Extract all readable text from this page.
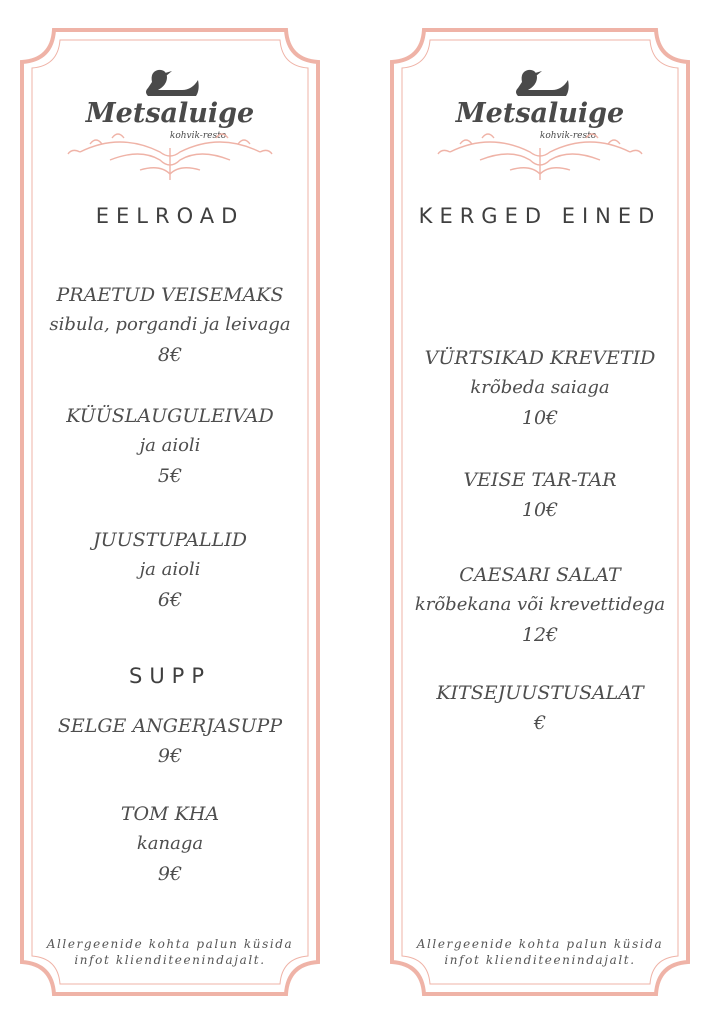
Metsaluige
kohvik-resto
EELROAD
PRAETUD VEISEMAKS
sibula, porgandi ja leivaga
8€
KÜÜSLAUGULEIVAD
ja aioli
5€
JUUSTUPALLID
ja aioli
6€
SUPP
SELGE ANGERJASUPP
9€
TOM KHA
kanaga
9€
Allergeenide kohta palun küsida
infot klienditeenindajalt.
Metsaluige
kohvik-resto
KERGED EINED
VÜRTSIKAD KREVETID
krõbeda saiaga
10€
VEISE TAR-TAR
10€
CAESARI SALAT
krõbekana või krevettidega
12€
KITSEJUUSTUSALAT
€
Allergeenide kohta palun küsida
infot klienditeenindajalt.
